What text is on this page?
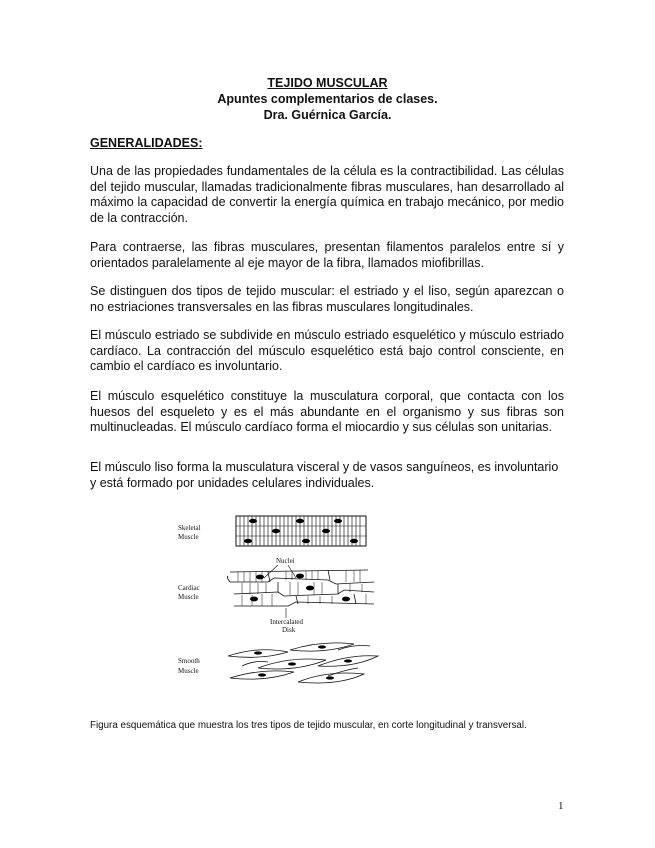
TEJIDO MUSCULAR
Apuntes complementarios de clases.
Dra. Guérnica García.
GENERALIDADES:

Una de las propiedades fundamentales de la célula es la contractibilidad. Las células del tejido muscular, llamadas tradicionalmente fibras musculares, han desarrollado al máximo la capacidad de convertir la energía química en trabajo mecánico, por medio de la contracción.

Para contraerse, las fibras musculares, presentan filamentos paralelos entre sí y orientados paralelamente al eje mayor de la fibra, llamados miofibrillas.

Se distinguen dos tipos de tejido muscular: el estriado y el liso, según aparezcan o no estriaciones transversales en las fibras musculares longitudinales.

El músculo estriado se subdivide en músculo estriado esquelético y músculo estriado cardíaco. La contracción del músculo esquelético está bajo control consciente, en cambio el cardíaco es involuntario.

El músculo esquelético constituye la musculatura corporal, que contacta con los huesos del esqueleto y es el más abundante en el organismo y sus fibras son multinucleadas. El músculo cardíaco forma el miocardio y sus células son unitarias.

El músculo liso forma la musculatura visceral y de vasos sanguíneos, es involuntario y está formado por unidades celulares individuales.

Skeletal
Muscle
Nuclei
Cardiac
Muscle
Intercalated
Disk
Smooth
Muscle
Figura esquemática que muestra los tres tipos de tejido muscular, en corte longitudinal y transversal.
1
